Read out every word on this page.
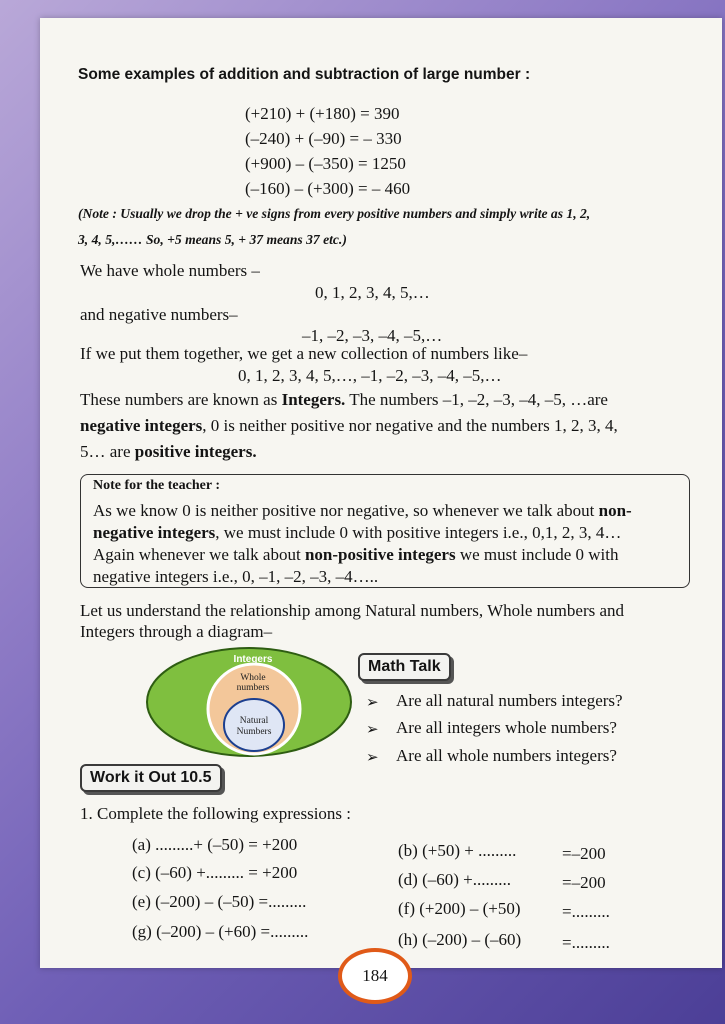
Some examples of addition and subtraction of large number :
(+210) + (+180) = 390
(–240) + (–90) = – 330
(+900) – (–350) = 1250
(–160) – (+300) = – 460
(Note : Usually we drop the + ve signs from every positive numbers and simply write as 1, 2,
3, 4, 5,…… So, +5 means 5, + 37 means 37 etc.)
We have whole numbers –
0, 1, 2, 3, 4, 5,…
and negative numbers–
–1, –2, –3, –4, –5,…
If we put them together, we get a new collection of numbers like–
0, 1, 2, 3, 4, 5,…, –1, –2, –3, –4, –5,…
These numbers are known as Integers. The numbers –1, –2, –3, –4, –5, …are
negative integers, 0 is neither positive nor negative and the numbers 1, 2, 3, 4,
5… are positive integers.
Note for the teacher :
As we know 0 is neither positive nor negative, so whenever we talk about non-
negative integers, we must include 0 with positive integers i.e., 0,1, 2, 3, 4…
Again whenever we talk about non-positive integers we must include 0 with
negative integers i.e., 0, –1, –2, –3, –4…..
Let us understand the relationship among Natural numbers, Whole numbers and
Integers through a diagram–
Integers
Whole
numbers
Natural
Numbers
Math Talk
➢ Are all natural numbers integers?
➢ Are all integers whole numbers?
➢ Are all whole numbers integers?
Work it Out 10.5
1. Complete the following expressions :
(a) .........+ (–50) = +200
(c) (–60) +......... = +200
(e) (–200) – (–50) =.........
(g) (–200) – (+60) =.........
(b) (+50) + .........
(d) (–60) +.........
(f) (+200) – (+50)
(h) (–200) – (–60)
=–200
=–200
=.........
=.........
184
